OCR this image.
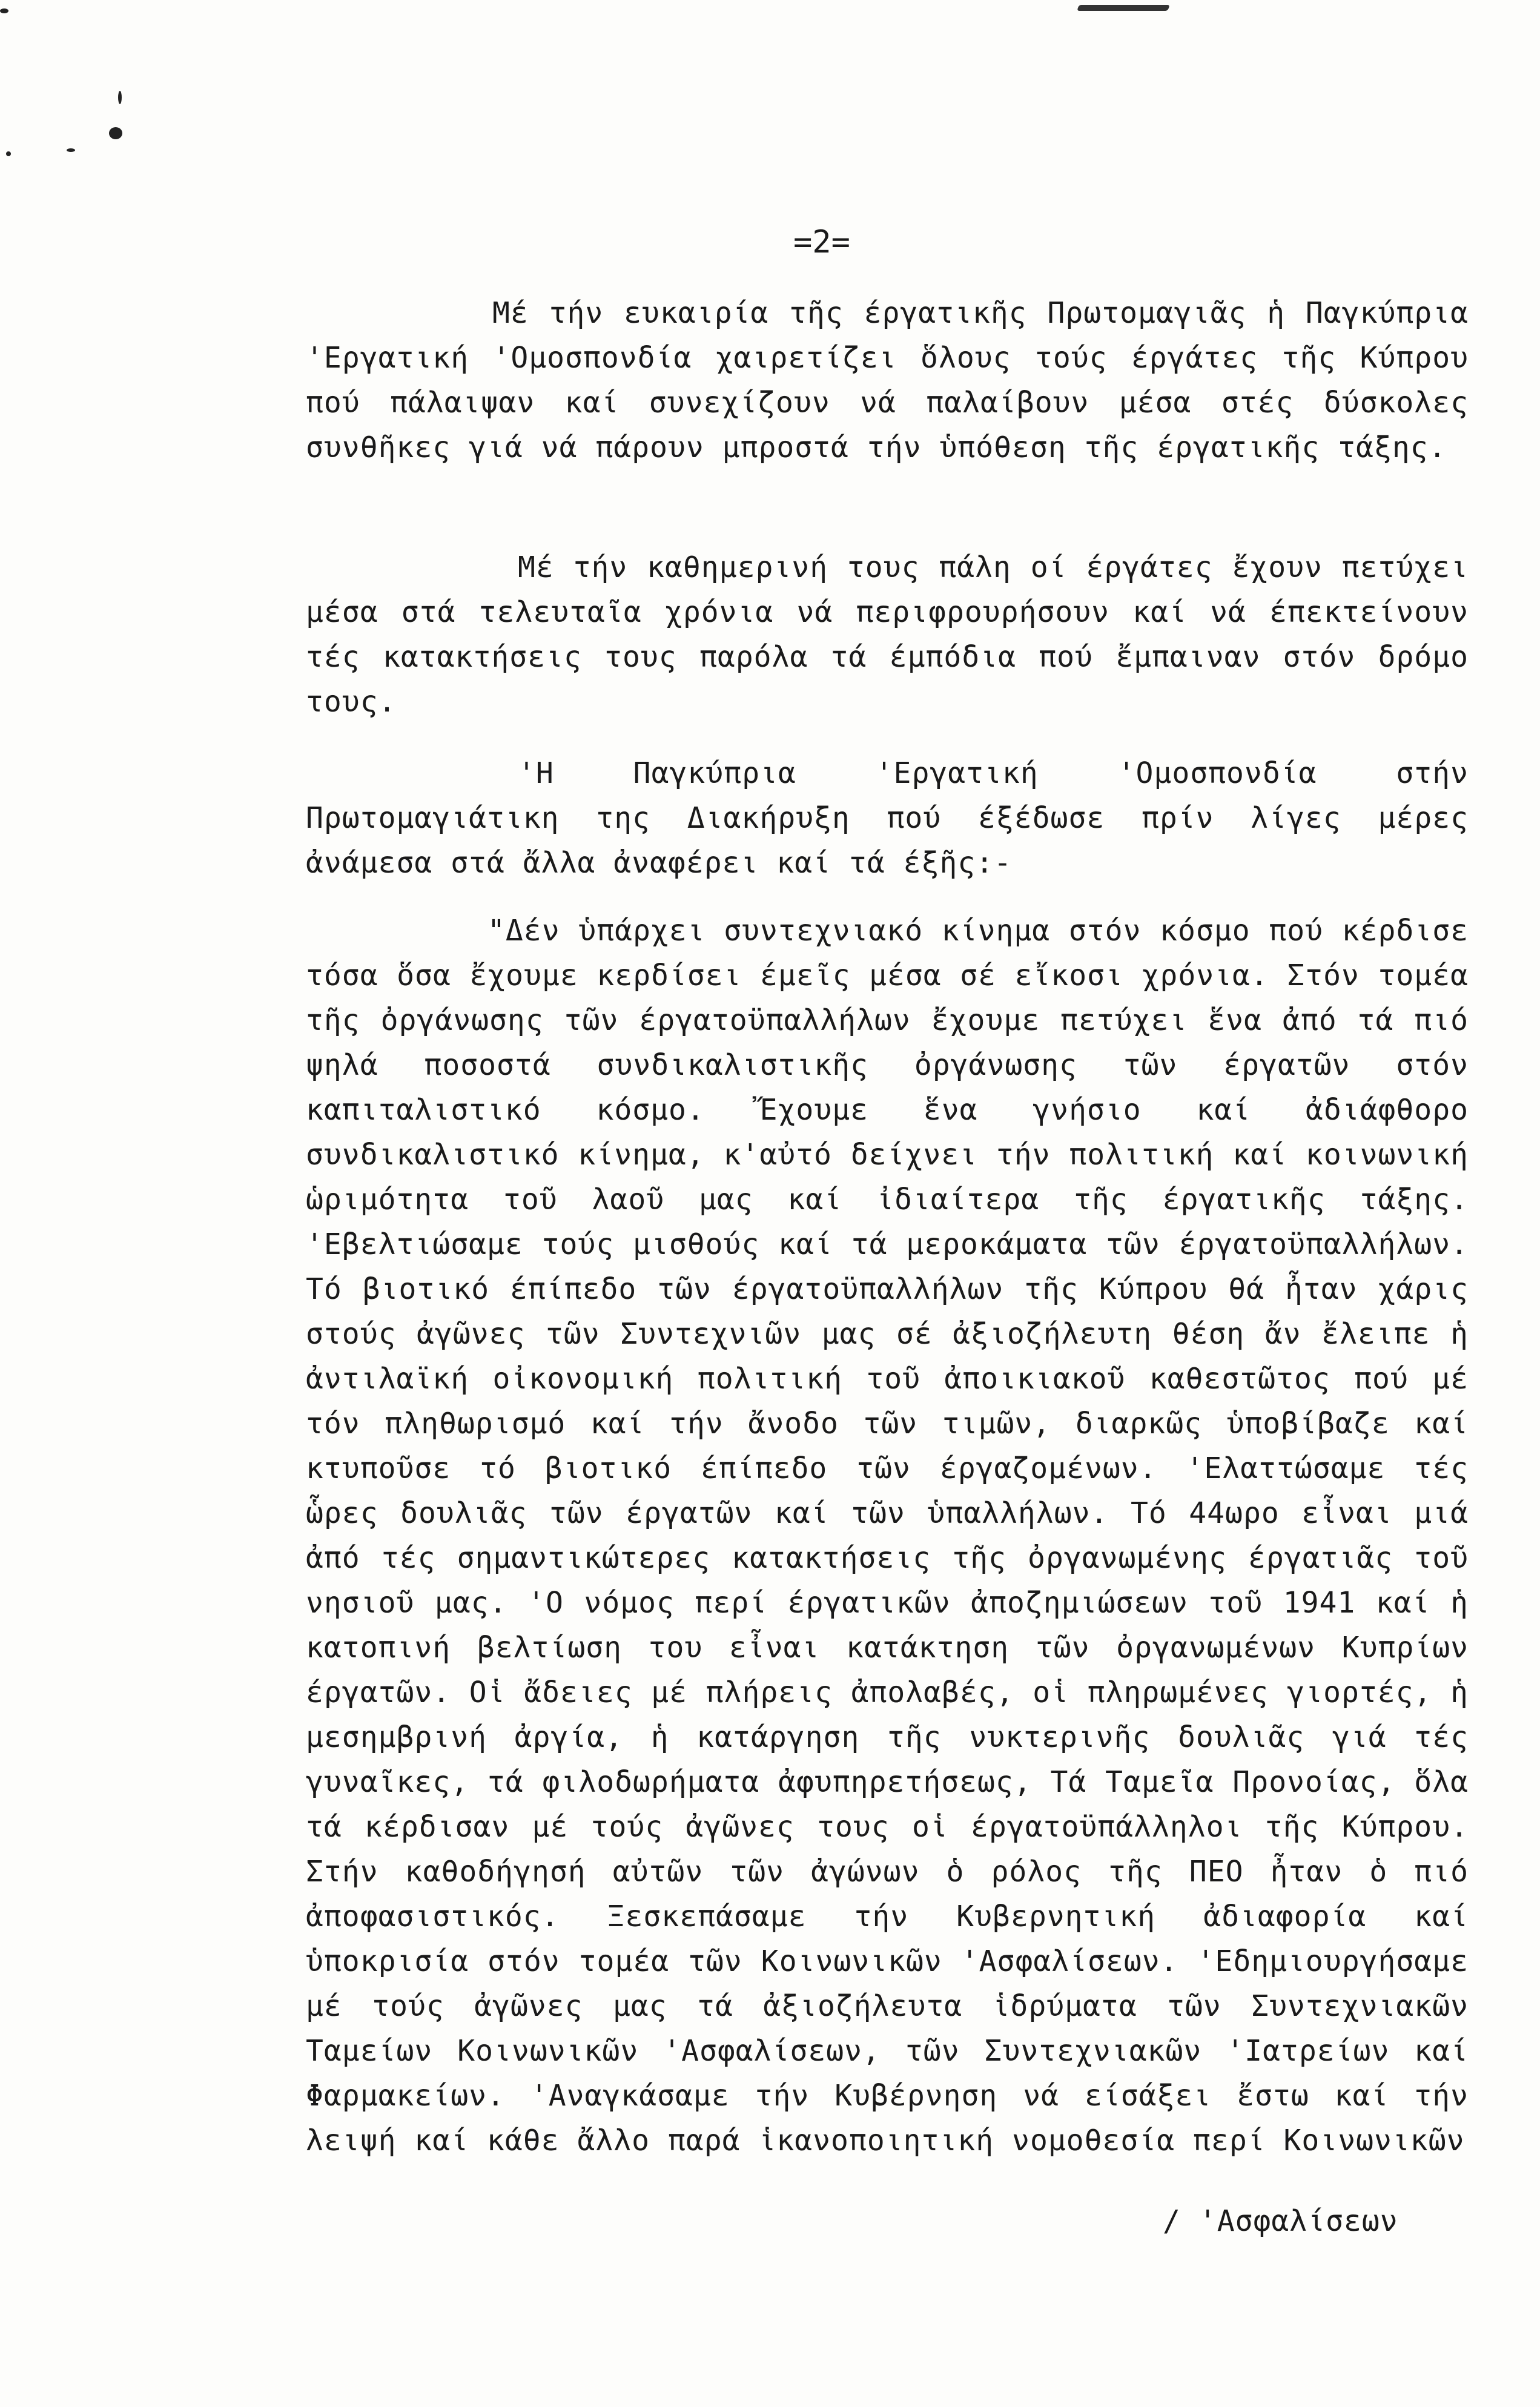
=2=

Μέ τήν ευκαιρία τῆς έργατικῆς Πρωτομαγιᾶς ἡ Παγκύπρια 'Εργατική 'Ομοσπονδία χαιρετίζει ὅλους τούς έργάτες τῆς Κύπρου πού πάλαιψαν καί συνεχίζουν νά παλαίβουν μέσα στές δύσκολες συνθῆκες γιά νά πάρουν μπροστά τήν ὑπόθεση τῆς έργατικῆς τάξης.

Μέ τήν καθημερινή τους πάλη οί έργάτες ἔχουν πετύχει μέσα στά τελευταῖα χρόνια νά περιφρουρήσουν καί νά έπεκτείνουν τές κατακτήσεις τους παρόλα τά έμπόδια πού ἔμπαιναν στόν δρόμο τους.

'Η Παγκύπρια 'Εργατική 'Ομοσπονδία στήν Πρωτομαγιάτικη της Διακήρυξη πού έξέδωσε πρίν λίγες μέρες ἀνάμεσα στά ἄλλα ἀναφέρει καί τά έξῆς:-

"Δέν ὑπάρχει συντεχνιακό κίνημα στόν κόσμο πού κέρδισε τόσα ὅσα ἔχουμε κερδίσει έμεῖς μέσα σέ εἴκοσι χρόνια. Στόν τομέα τῆς ὀργάνωσης τῶν έργατοϋπαλλήλων ἔχουμε πετύχει ἕνα ἀπό τά πιό ψηλά ποσοστά συνδικαλιστικῆς ὀργάνωσης τῶν έργατῶν στόν καπιταλιστικό κόσμο. Ἔχουμε ἕνα γνήσιο καί ἀδιάφθορο συνδικαλιστικό κίνημα, κ'αὐτό δείχνει τήν πολιτική καί κοινωνική ὡριμότητα τοῦ λαοῦ μας καί ἰδιαίτερα τῆς έργατικῆς τάξης. 'Εβελτιώσαμε τούς μισθούς καί τά μεροκάματα τῶν έργατοϋπαλλήλων. Τό βιοτικό έπίπεδο τῶν έργατοϋπαλλήλων τῆς Κύπρου θά ἦταν χάρις στούς ἀγῶνες τῶν Συντεχνιῶν μας σέ ἀξιοζήλευτη θέση ἄν ἔλειπε ἡ ἀντιλαϊκή οἰκονομική πολιτική τοῦ ἀποικιακοῦ καθεστῶτος πού μέ τόν πληθωρισμό καί τήν ἄνοδο τῶν τιμῶν, διαρκῶς ὑποβίβαζε καί κτυποῦσε τό βιοτικό έπίπεδο τῶν έργαζομένων. 'Ελαττώσαμε τές ὧρες δουλιᾶς τῶν έργατῶν καί τῶν ὑπαλλήλων. Τό 44ωρο εἶναι μιά ἀπό τές σημαντικώτερες κατακτήσεις τῆς ὀργανωμένης έργατιᾶς τοῦ νησιοῦ μας. 'Ο νόμος περί έργατικῶν ἀποζημιώσεων τοῦ 1941 καί ἡ κατοπινή βελτίωση του εἶναι κατάκτηση τῶν ὀργανωμένων Κυπρίων έργατῶν. Οἱ ἄδειες μέ πλήρεις ἀπολαβές, οἱ πληρωμένες γιορτές, ἡ μεσημβρινή ἀργία, ἡ κατάργηση τῆς νυκτερινῆς δουλιᾶς γιά τές γυναῖκες, τά φιλοδωρήματα ἀφυπηρετήσεως, Τά Ταμεῖα Προνοίας, ὅλα τά κέρδισαν μέ τούς ἀγῶνες τους οἱ έργατοϋπάλληλοι τῆς Κύπρου. Στήν καθοδήγησή αὐτῶν τῶν ἀγώνων ὁ ρόλος τῆς ΠΕΟ ἦταν ὁ πιό ἀποφασιστικός. Ξεσκεπάσαμε τήν Κυβερνητική ἀδιαφορία καί ὑποκρισία στόν τομέα τῶν Κοινωνικῶν 'Ασφαλίσεων. 'Εδημιουργήσαμε μέ τούς ἀγῶνες μας τά ἀξιοζήλευτα ἱδρύματα τῶν Συντεχνιακῶν Ταμείων Κοινωνικῶν 'Ασφαλίσεων, τῶν Συντεχνιακῶν 'Ιατρείων καί Φαρμακείων. 'Αναγκάσαμε τήν Κυβέρνηση νά είσάξει ἔστω καί τήν λειψή καί κάθε ἄλλο παρά ἱκανοποιητική νομοθεσία περί Κοινωνικῶν

/ 'Ασφαλίσεων
